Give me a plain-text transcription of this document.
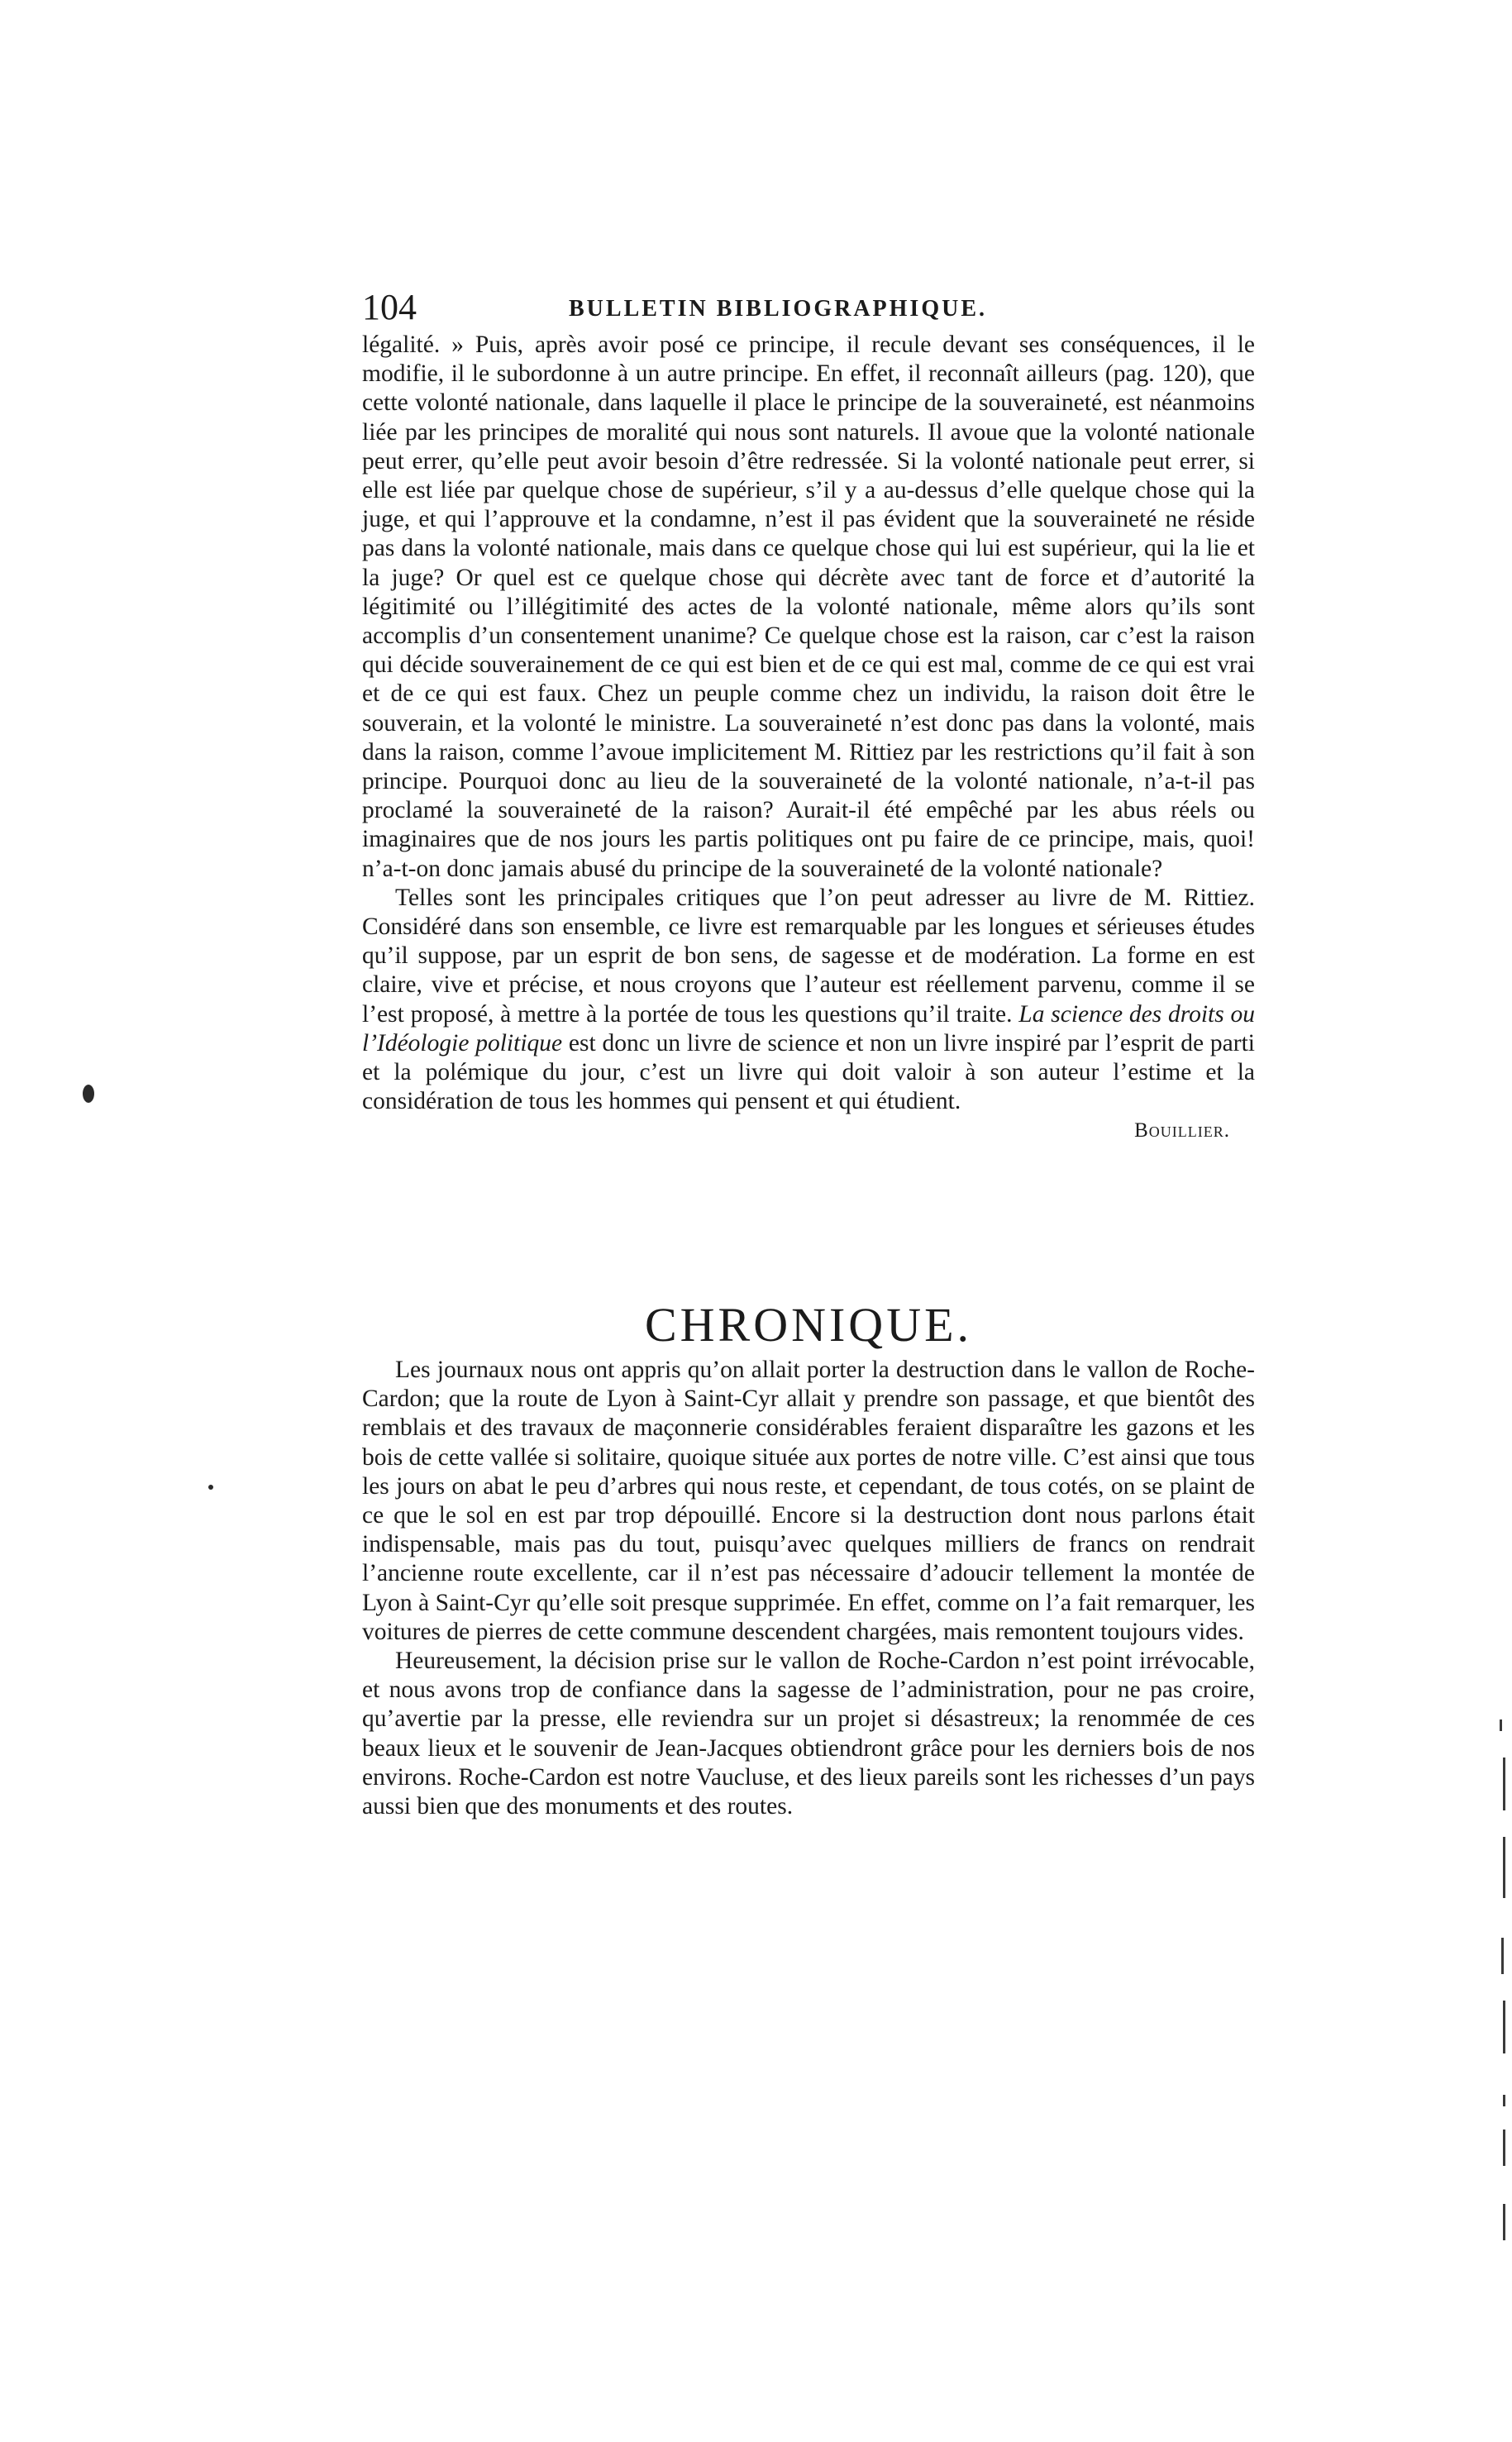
104	BULLETIN BIBLIOGRAPHIQUE.

légalité. » Puis, après avoir posé ce principe, il recule devant ses conséquences, il le modifie, il le subordonne à un autre principe. En effet, il reconnaît ailleurs (pag. 120), que cette volonté nationale, dans laquelle il place le principe de la souveraineté, est néanmoins liée par les principes de moralité qui nous sont naturels. Il avoue que la volonté nationale peut errer, qu’elle peut avoir besoin d’être redressée. Si la volonté nationale peut errer, si elle est liée par quelque chose de supérieur, s’il y a au-dessus d’elle quelque chose qui la juge, et qui l’approuve et la condamne, n’est il pas évident que la souveraineté ne réside pas dans la volonté nationale, mais dans ce quelque chose qui lui est supérieur, qui la lie et la juge? Or quel est ce quelque chose qui décrète avec tant de force et d’autorité la légitimité ou l’illégitimité des actes de la volonté nationale, même alors qu’ils sont accomplis d’un consentement unanime? Ce quelque chose est la raison, car c’est la raison qui décide souverainement de ce qui est bien et de ce qui est mal, comme de ce qui est vrai et de ce qui est faux. Chez un peuple comme chez un individu, la raison doit être le souverain, et la volonté le ministre. La souveraineté n’est donc pas dans la volonté, mais dans la raison, comme l’avoue implicitement M. Rittiez par les restrictions qu’il fait à son principe. Pourquoi donc au lieu de la souveraineté de la volonté nationale, n’a-t-il pas proclamé la souveraineté de la raison? Aurait-il été empêché par les abus réels ou imaginaires que de nos jours les partis politiques ont pu faire de ce principe, mais, quoi! n’a-t-on donc jamais abusé du principe de la souveraineté de la volonté nationale?

Telles sont les principales critiques que l’on peut adresser au livre de M. Rittiez. Considéré dans son ensemble, ce livre est remarquable par les longues et sérieuses études qu’il suppose, par un esprit de bon sens, de sagesse et de modération. La forme en est claire, vive et précise, et nous croyons que l’auteur est réellement parvenu, comme il se l’est proposé, à mettre à la portée de tous les questions qu’il traite. La science des droits ou l’Idéologie politique est donc un livre de science et non un livre inspiré par l’esprit de parti et la polémique du jour, c’est un livre qui doit valoir à son auteur l’estime et la considération de tous les hommes qui pensent et qui étudient.

Bouillier.

CHRONIQUE.

Les journaux nous ont appris qu’on allait porter la destruction dans le vallon de Roche-Cardon; que la route de Lyon à Saint-Cyr allait y prendre son passage, et que bientôt des remblais et des travaux de maçonnerie considérables feraient disparaître les gazons et les bois de cette vallée si solitaire, quoique située aux portes de notre ville. C’est ainsi que tous les jours on abat le peu d’arbres qui nous reste, et cependant, de tous cotés, on se plaint de ce que le sol en est par trop dépouillé. Encore si la destruction dont nous parlons était indispensable, mais pas du tout, puisqu’avec quelques milliers de francs on rendrait l’ancienne route excellente, car il n’est pas nécessaire d’adoucir tellement la montée de Lyon à Saint-Cyr qu’elle soit presque supprimée. En effet, comme on l’a fait remarquer, les voitures de pierres de cette commune descendent chargées, mais remontent toujours vides.

Heureusement, la décision prise sur le vallon de Roche-Cardon n’est point irrévocable, et nous avons trop de confiance dans la sagesse de l’administration, pour ne pas croire, qu’avertie par la presse, elle reviendra sur un projet si désastreux; la renommée de ces beaux lieux et le souvenir de Jean-Jacques obtiendront grâce pour les derniers bois de nos environs. Roche-Cardon est notre Vaucluse, et des lieux pareils sont les richesses d’un pays aussi bien que des monuments et des routes.
